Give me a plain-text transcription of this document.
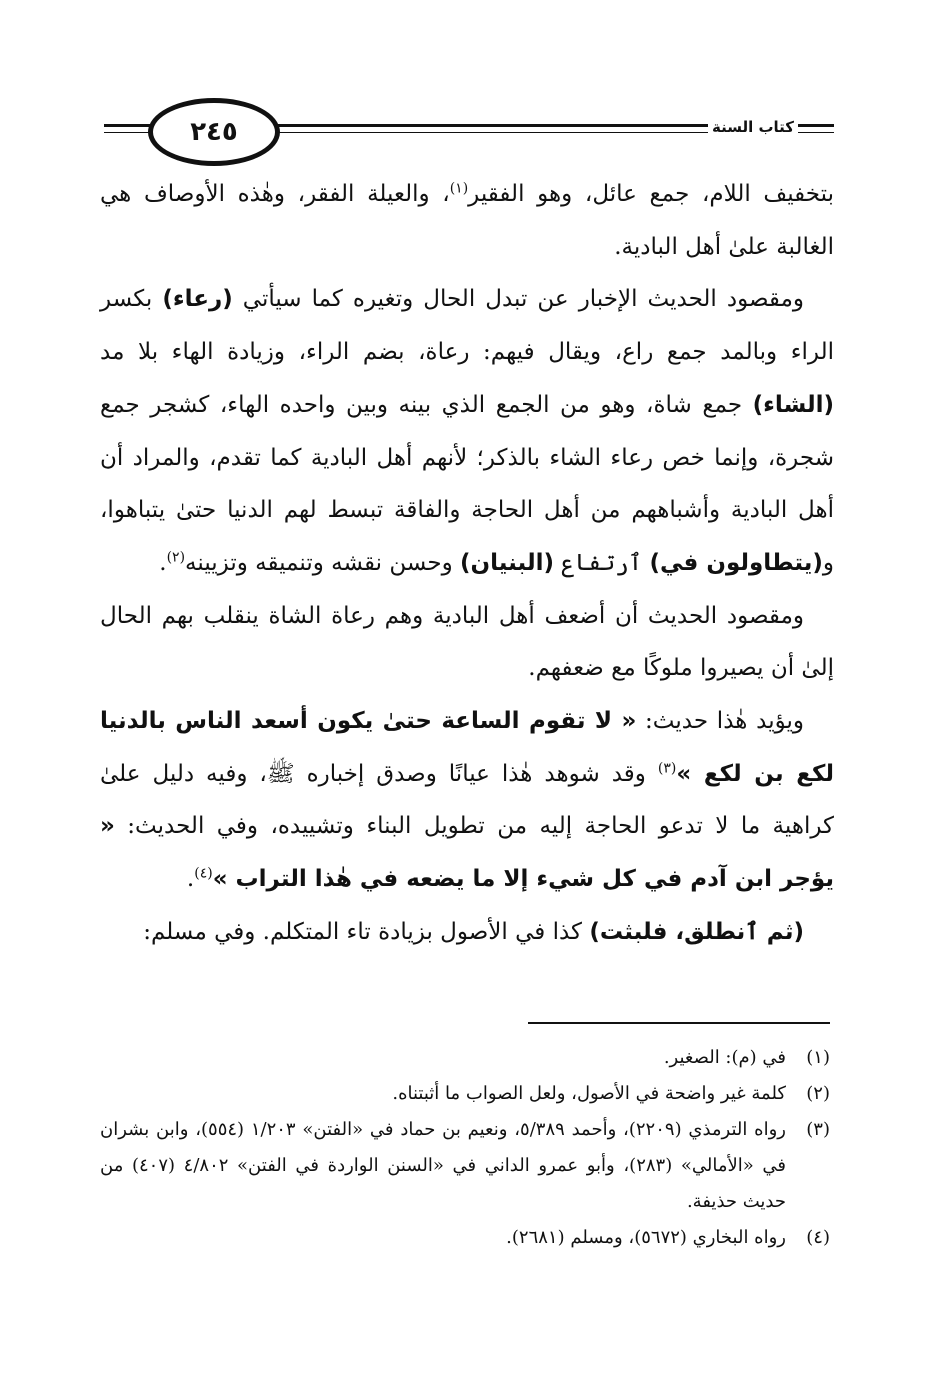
٢٤٥	كتاب السنة

بتخفيف اللام، جمع عائل، وهو الفقير$^{(١)}$، والعيلة الفقر، وهٰذه الأوصاف هي الغالبة علىٰ أهل البادية.

ومقصود الحديث الإخبار عن تبدل الحال وتغيره كما سيأتي (رعاء) بكسر الراء وبالمد جمع راع، ويقال فيهم: رعاة، بضم الراء، وزيادة الهاء بلا مد (الشاء) جمع شاة، وهو من الجمع الذي بينه وبين واحده الهاء، كشجر جمع شجرة، وإنما خص رعاء الشاء بالذكر؛ لأنهم أهل البادية كما تقدم، والمراد أن أهل البادية وأشباههم من أهل الحاجة والفاقة تبسط لهم الدنيا حتىٰ يتباهوا، و(يتطاولون في) ٱرتفاع (البنيان) وحسن نقشه وتنميقه وتزيينه$^{(٢)}$.

ومقصود الحديث أن أضعف أهل البادية وهم رعاة الشاة ينقلب بهم الحال إلىٰ أن يصيروا ملوكًا مع ضعفهم.

ويؤيد هٰذا حديث: « لا تقوم الساعة حتىٰ يكون أسعد الناس بالدنيا لكع بن لكع »$^{(٣)}$ وقد شوهد هٰذا عيانًا وصدق إخباره ﷺ، وفيه دليل علىٰ كراهية ما لا تدعو الحاجة إليه من تطويل البناء وتشييده، وفي الحديث: « يؤجر ابن آدم في كل شيء إلا ما يضعه في هٰذا التراب »$^{(٤)}$.

(ثم ٱنطلق، فلبثت) كذا في الأصول بزيادة تاء المتكلم. وفي مسلم:

(١)
في (م): الصغير.
(٢)
كلمة غير واضحة في الأصول، ولعل الصواب ما أثبتناه.
(٣)
رواه الترمذي (٢٢٠٩)، وأحمد ٥/٣٨٩، ونعيم بن حماد في «الفتن» ١/٢٠٣ (٥٥٤)، وابن بشران في «الأمالي» (٢٨٣)، وأبو عمرو الداني في «السنن الواردة في الفتن» ٤/٨٠٢ (٤٠٧) من حديث حذيفة.
(٤)
رواه البخاري (٥٦٧٢)، ومسلم (٢٦٨١).
